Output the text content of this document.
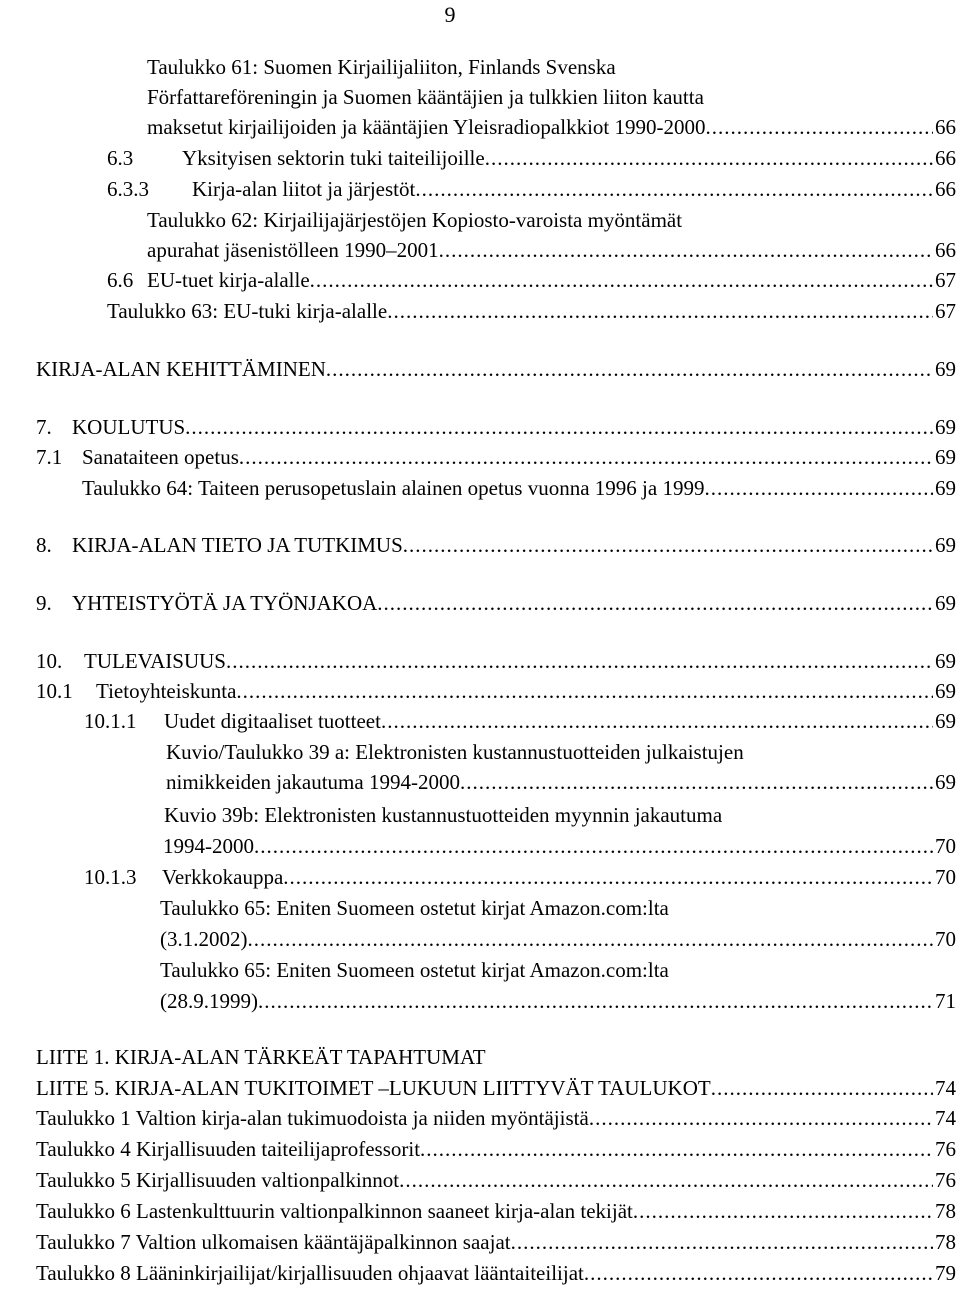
9
Taulukko 61: Suomen Kirjailijaliiton, Finlands Svenska
Författareföreningin ja Suomen kääntäjien ja tulkkien liiton kautta
maksetut kirjailijoiden ja kääntäjien Yleisradiopalkkiot 1990-2000 .....	66
6.3 Yksityisen sektorin tuki taiteilijoille .....	66
6.3.3 Kirja-alan liitot ja järjestöt .....	66
Taulukko 62: Kirjailijajärjestöjen Kopiosto-varoista myöntämät
apurahat jäsenistölleen 1990–2001 .....	66
6.6 EU-tuet kirja-alalle .....	67
Taulukko 63: EU-tuki kirja-alalle .....	67
KIRJA-ALAN KEHITTÄMINEN .....	69
7. KOULUTUS .....	69
7.1 Sanataiteen opetus .....	69
Taulukko 64: Taiteen perusopetuslain alainen opetus vuonna 1996 ja 1999 .....	69
8. KIRJA-ALAN TIETO JA TUTKIMUS .....	69
9. YHTEISTYÖTÄ JA TYÖNJAKOA .....	69
10. TULEVAISUUS .....	69
10.1 Tietoyhteiskunta .....	69
10.1.1 Uudet digitaaliset tuotteet .....	69
Kuvio/Taulukko 39 a: Elektronisten kustannustuotteiden julkaistujen
nimikkeiden jakautuma 1994-2000 .....	69
Kuvio 39b: Elektronisten kustannustuotteiden myynnin jakautuma
1994-2000 .....	70
10.1.3 Verkkokauppa .....	70
Taulukko 65: Eniten Suomeen ostetut kirjat Amazon.com:lta
(3.1.2002) .....	70
Taulukko 65: Eniten Suomeen ostetut kirjat Amazon.com:lta
(28.9.1999) .....	71
LIITE 1. KIRJA-ALAN TÄRKEÄT TAPAHTUMAT
LIITE 5. KIRJA-ALAN TUKITOIMET –LUKUUN LIITTYVÄT TAULUKOT .....	74
Taulukko 1 Valtion kirja-alan tukimuodoista ja niiden myöntäjistä .....	74
Taulukko 4 Kirjallisuuden taiteilijaprofessorit .....	76
Taulukko 5 Kirjallisuuden valtionpalkinnot .....	76
Taulukko 6 Lastenkulttuurin valtionpalkinnon saaneet kirja-alan tekijät .....	78
Taulukko 7 Valtion ulkomaisen kääntäjäpalkinnon saajat .....	78
Taulukko 8 Lääninkirjailijat/kirjallisuuden ohjaavat lääntaiteilijat .....	79
